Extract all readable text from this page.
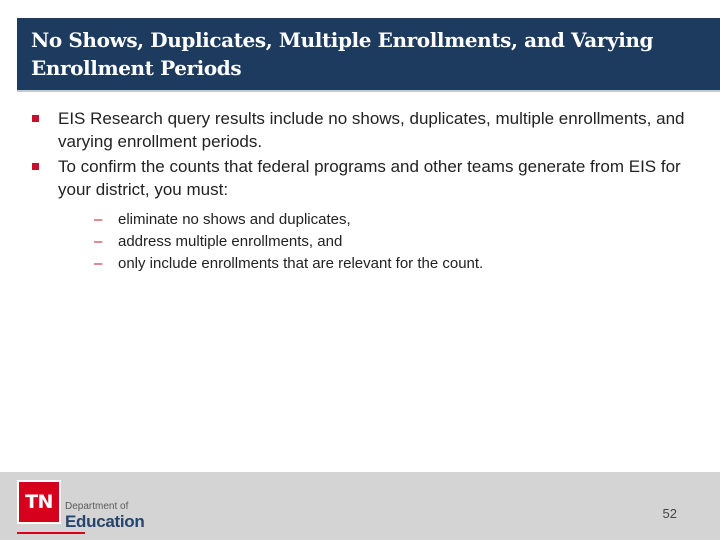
No Shows, Duplicates, Multiple Enrollments, and Varying Enrollment Periods
EIS Research query results include no shows, duplicates, multiple enrollments, and varying enrollment periods.
To confirm the counts that federal programs and other teams generate from EIS for your district, you must:
– eliminate no shows and duplicates,
– address multiple enrollments, and
– only include enrollments that are relevant for the count.
TN Department of
Education	52
